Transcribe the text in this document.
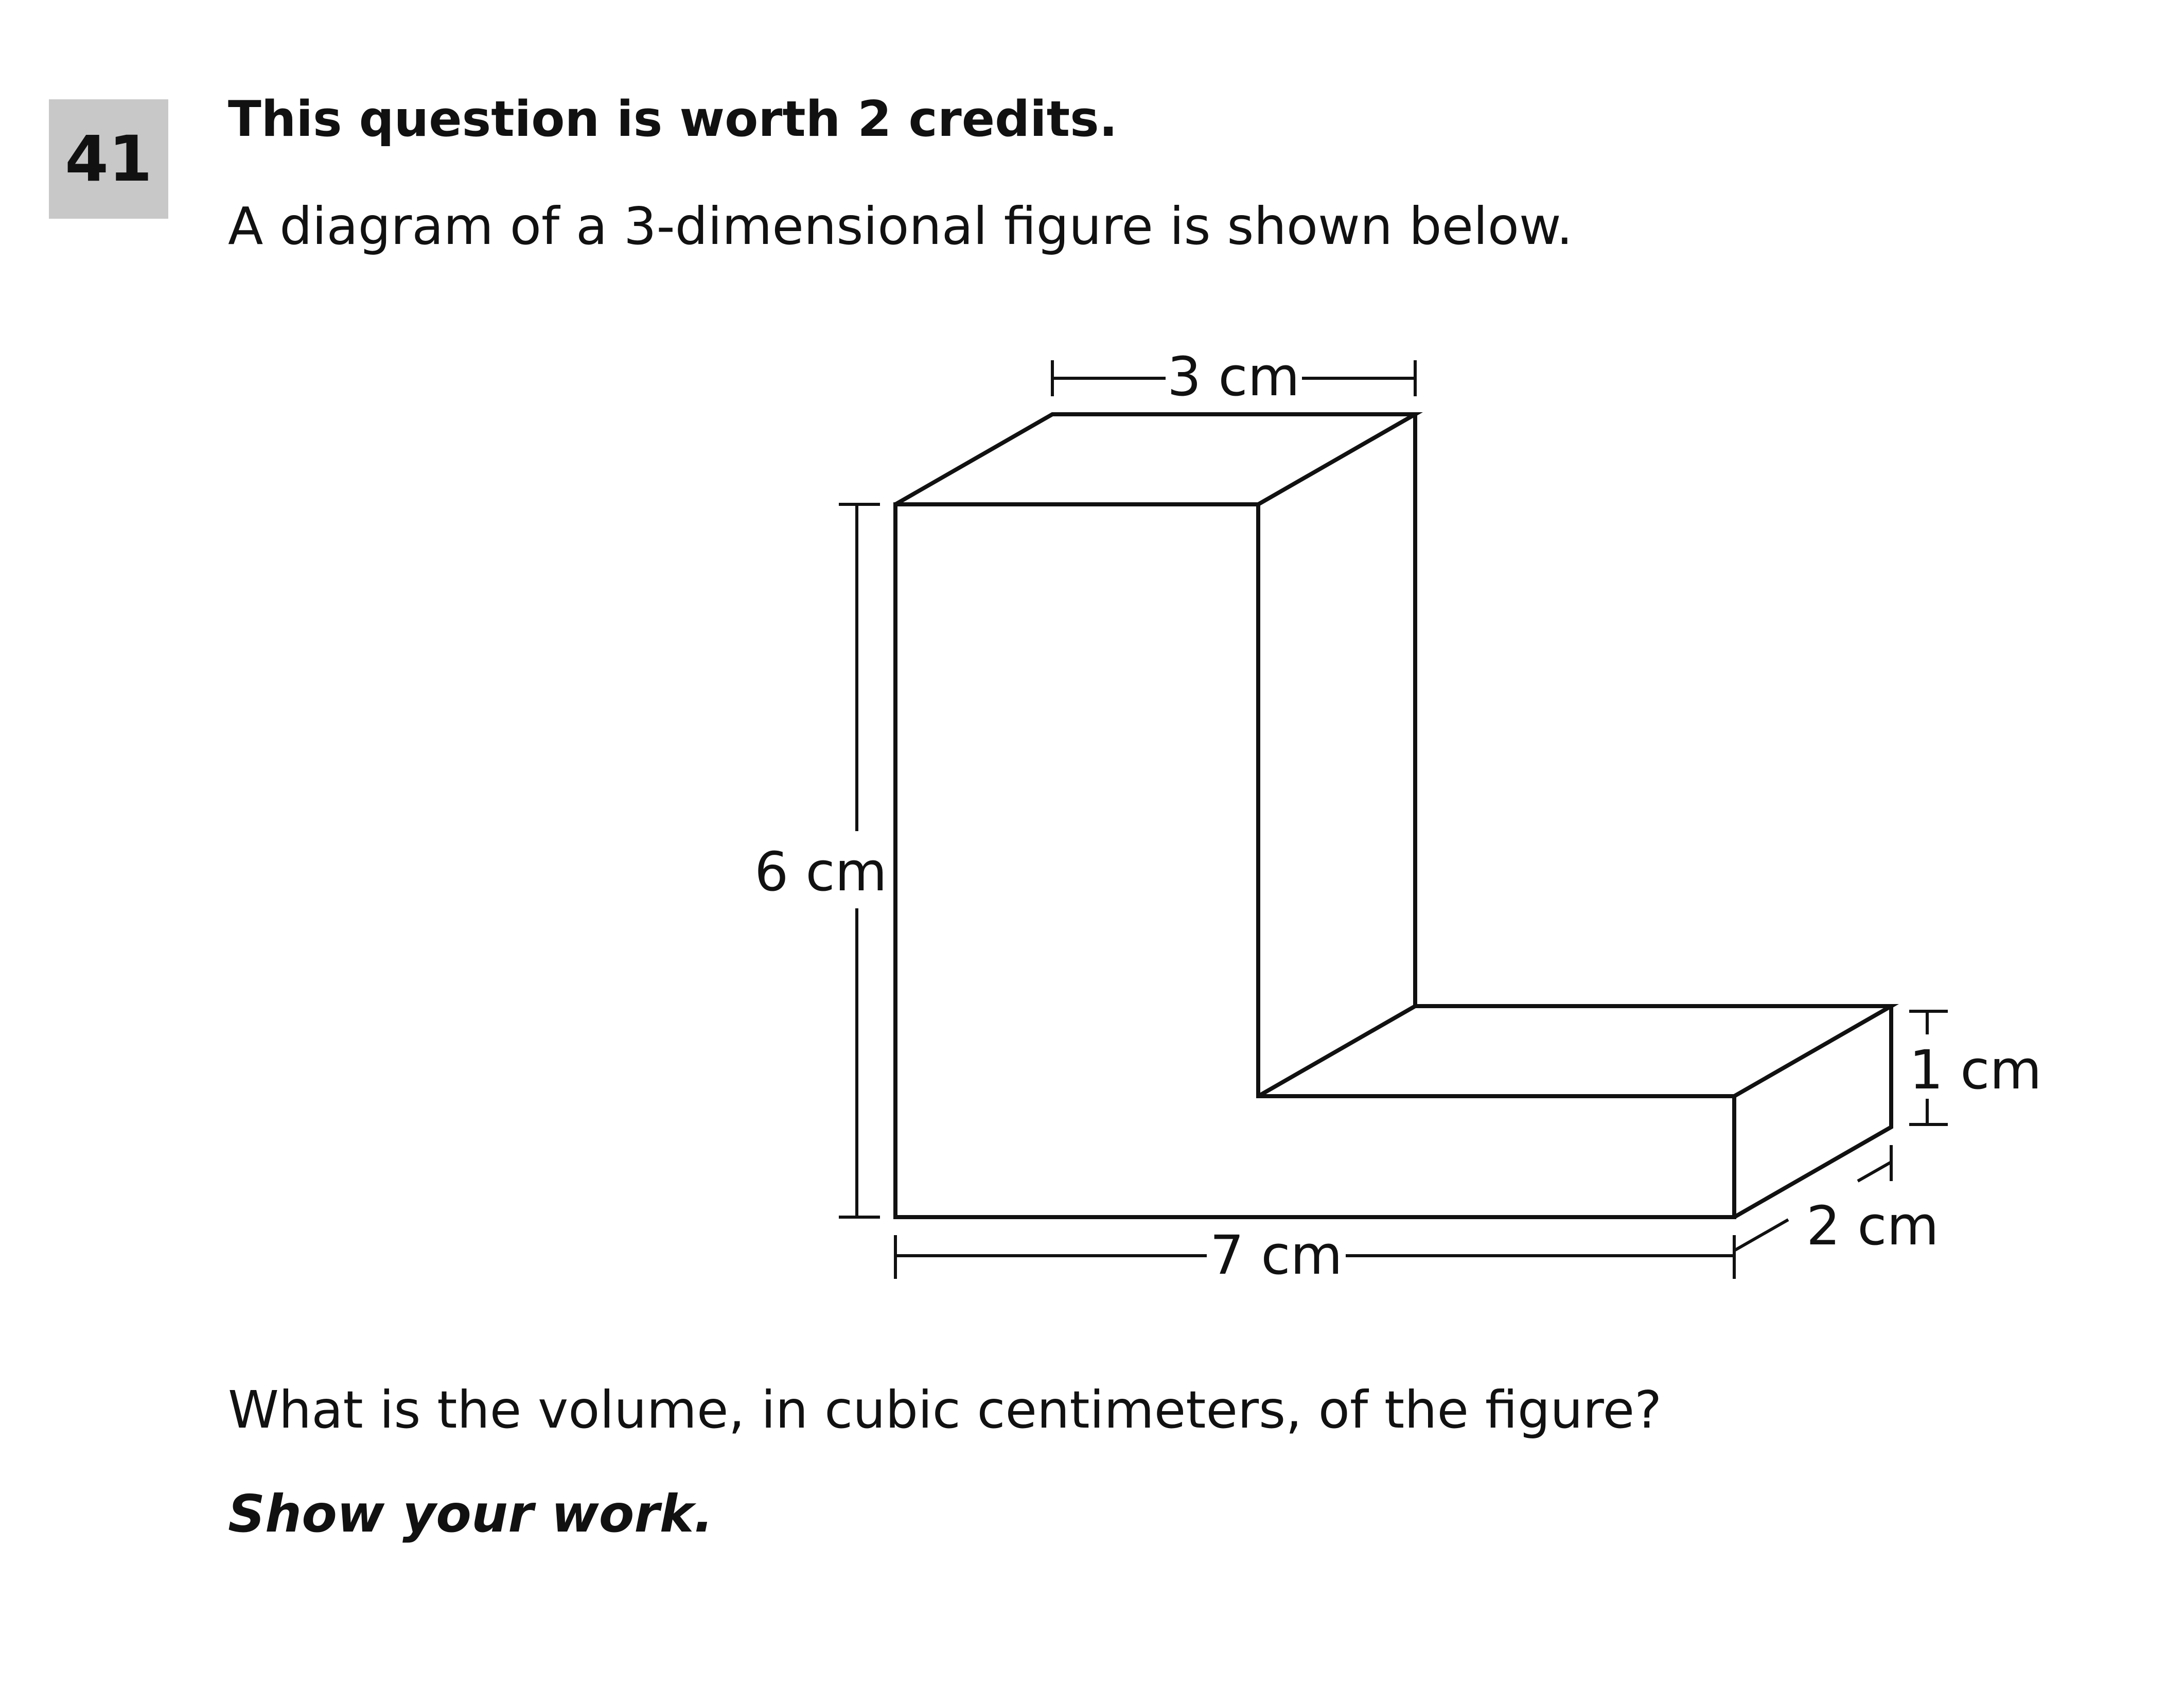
41
This question is worth 2 credits.
A diagram of a 3-dimensional figure is shown below.
3 cm
6 cm
7 cm
1 cm
2 cm
What is the volume, in cubic centimeters, of the figure?
Show your work.
